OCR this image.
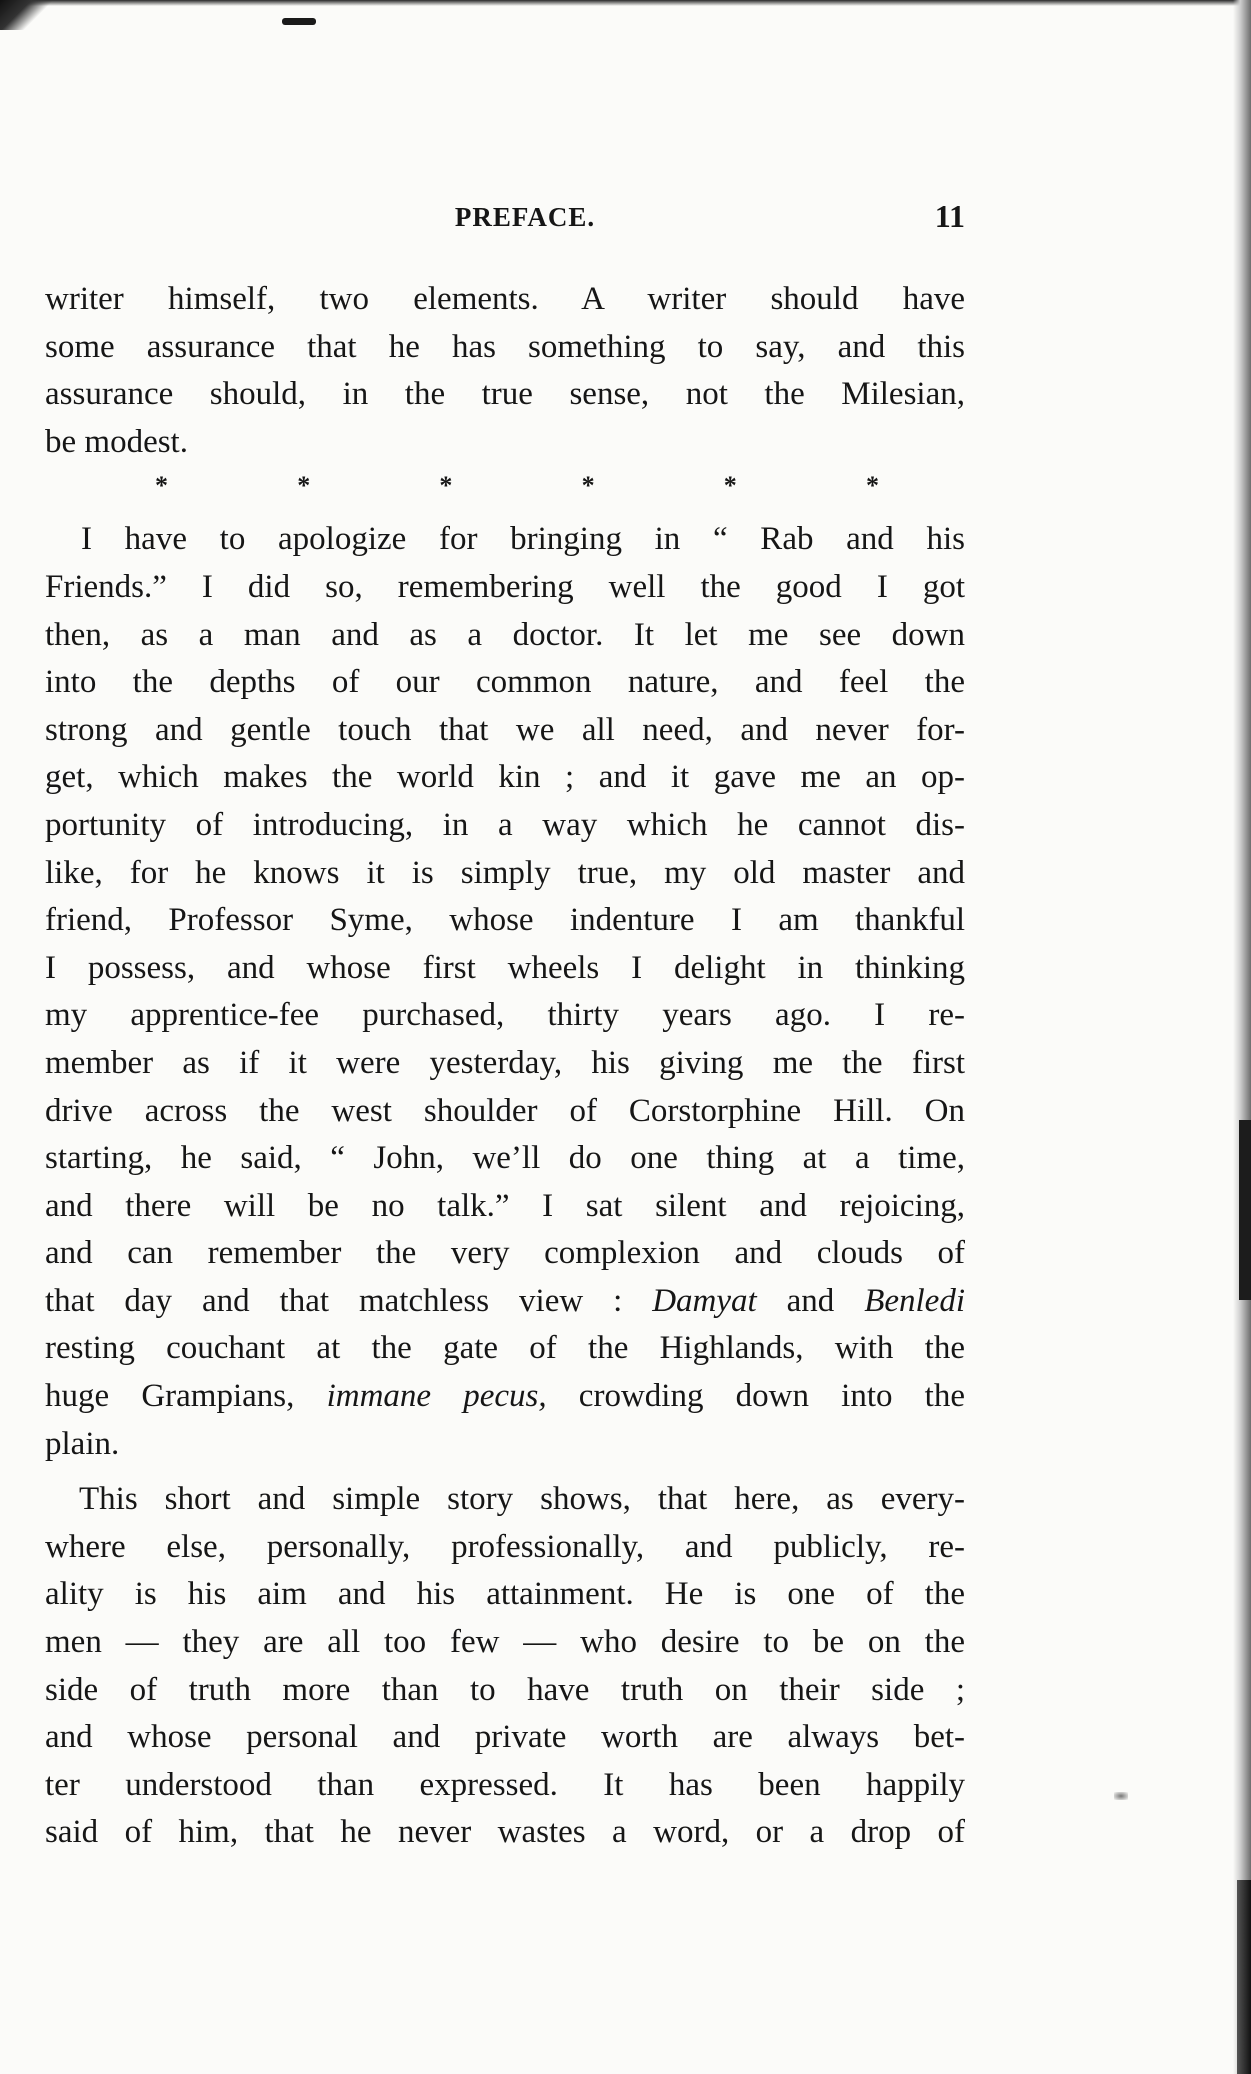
PREFACE.	11
writer himself, two elements. A writer should have
some assurance that he has something to say, and this
assurance should, in the true sense, not the Milesian,
be modest.
*	*	*	*	*	*
I have to apologize for bringing in “ Rab and his
Friends.” I did so, remembering well the good I got
then, as a man and as a doctor. It let me see down
into the depths of our common nature, and feel the
strong and gentle touch that we all need, and never for-
get, which makes the world kin ; and it gave me an op-
portunity of introducing, in a way which he cannot dis-
like, for he knows it is simply true, my old master and
friend, Professor Syme, whose indenture I am thankful
I possess, and whose first wheels I delight in thinking
my apprentice-fee purchased, thirty years ago. I re-
member as if it were yesterday, his giving me the first
drive across the west shoulder of Corstorphine Hill. On
starting, he said, “ John, we’ll do one thing at a time,
and there will be no talk.” I sat silent and rejoicing,
and can remember the very complexion and clouds of
that day and that matchless view : Damyat and Benledi
resting couchant at the gate of the Highlands, with the
huge Grampians, immane pecus, crowding down into the
plain.
This short and simple story shows, that here, as every-
where else, personally, professionally, and publicly, re-
ality is his aim and his attainment. He is one of the
men — they are all too few — who desire to be on the
side of truth more than to have truth on their side ;
and whose personal and private worth are always bet-
ter understood than expressed. It has been happily
said of him, that he never wastes a word, or a drop of
